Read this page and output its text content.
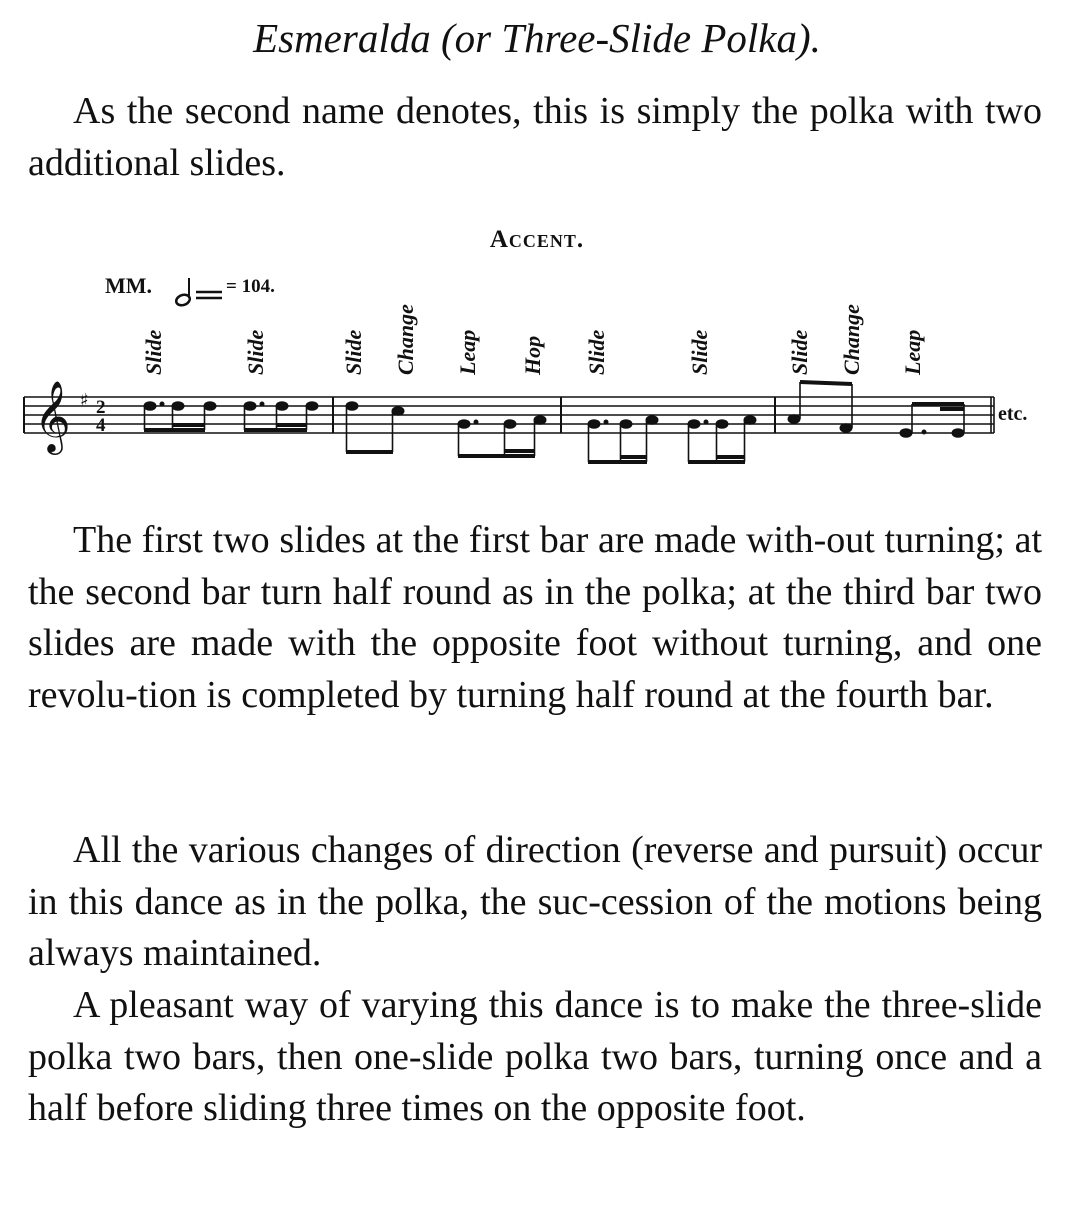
Esmeralda (or Three-Slide Polka).

As the second name denotes, this is simply the polka with two additional slides.

Accent.
MM.	= 104.
Slide	Slide	Slide Change Leap Hop Slide	Slide	Slide Change Leap
𝄞 ♯ 2
4
etc.

The first two slides at the first bar are made with-out turning; at the second bar turn half round as in the polka; at the third bar two slides are made with the opposite foot without turning, and one revolu-tion is completed by turning half round at the fourth bar.

All the various changes of direction (reverse and pursuit) occur in this dance as in the polka, the suc-cession of the motions being always maintained.

A pleasant way of varying this dance is to make the three-slide polka two bars, then one-slide polka two bars, turning once and a half before sliding three times on the opposite foot.
